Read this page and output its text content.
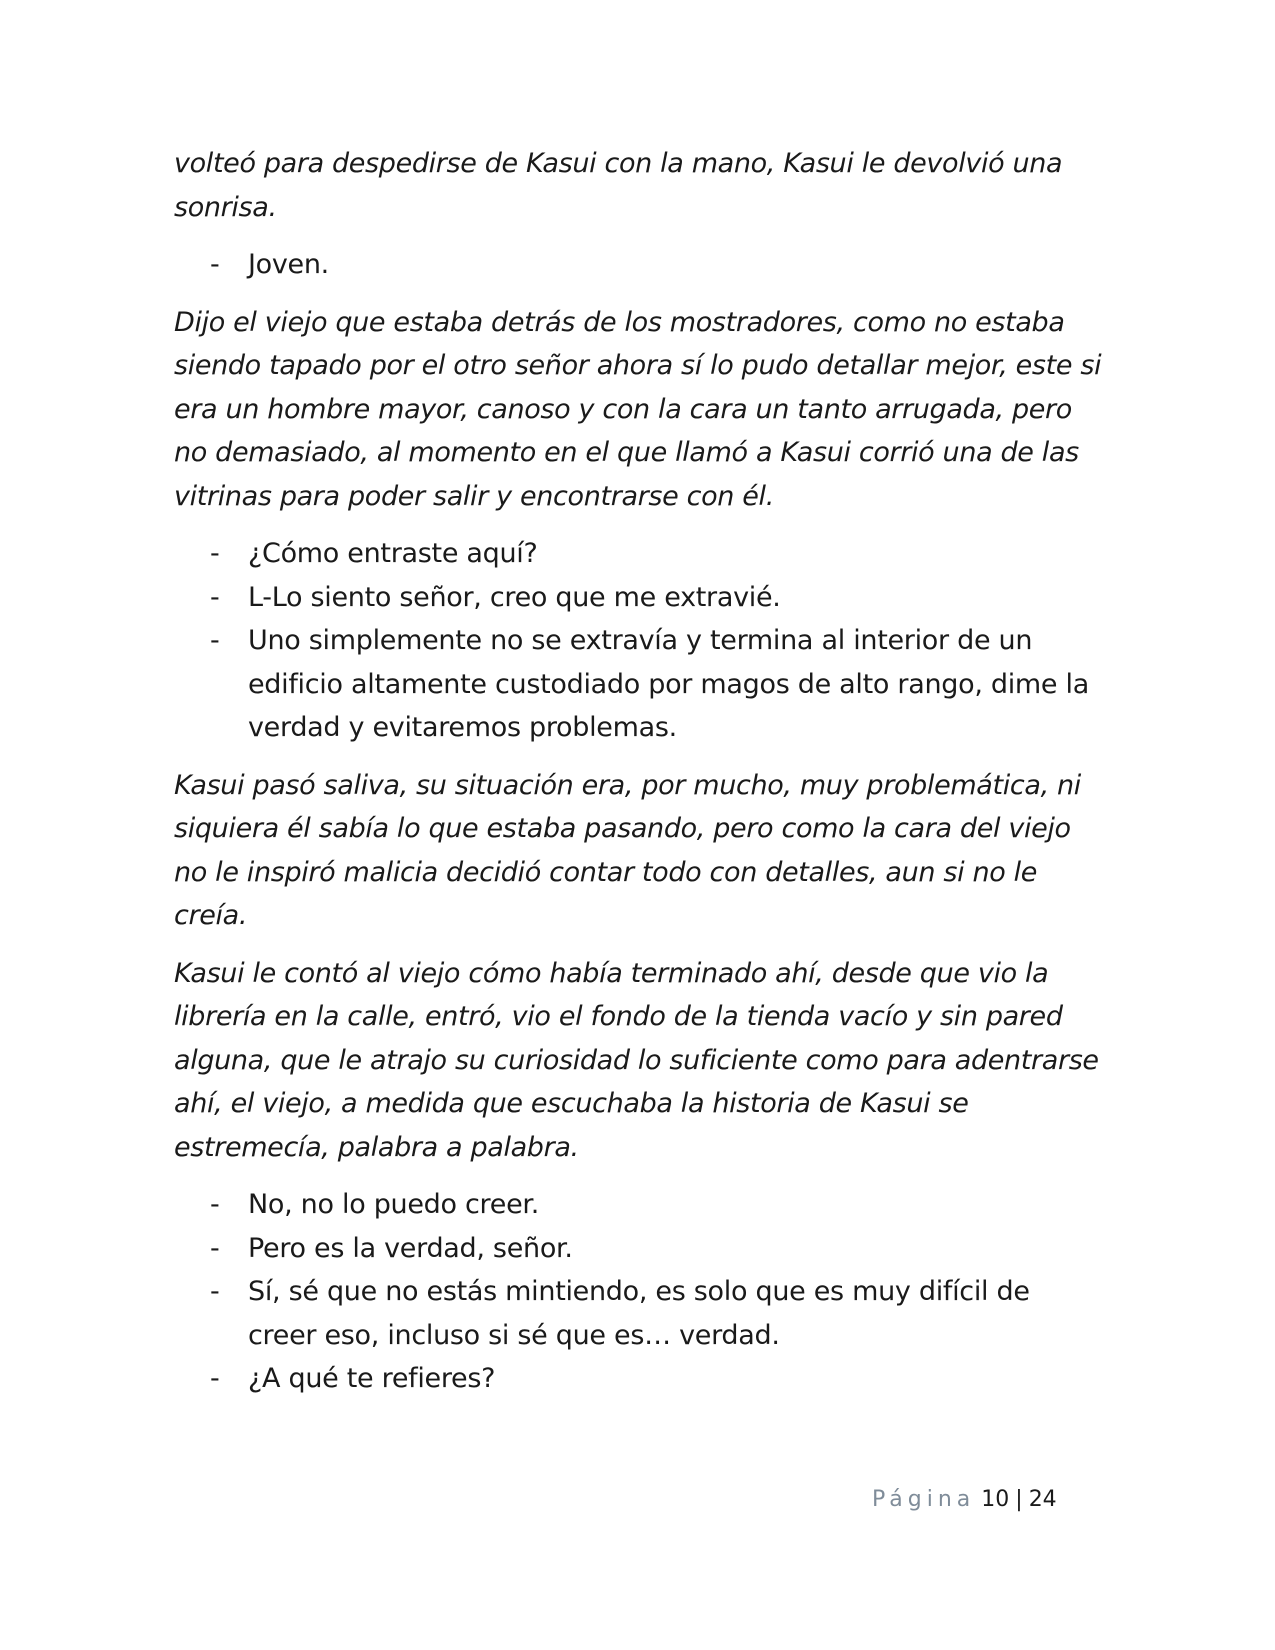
volteó para despedirse de Kasui con la mano, Kasui le devolvió una sonrisa.

- Joven.

Dijo el viejo que estaba detrás de los mostradores, como no estaba siendo tapado por el otro señor ahora sí lo pudo detallar mejor, este si era un hombre mayor, canoso y con la cara un tanto arrugada, pero no demasiado, al momento en el que llamó a Kasui corrió una de las vitrinas para poder salir y encontrarse con él.

- ¿Cómo entraste aquí?
- L-Lo siento señor, creo que me extravié.
- Uno simplemente no se extravía y termina al interior de un edificio altamente custodiado por magos de alto rango, dime la verdad y evitaremos problemas.

Kasui pasó saliva, su situación era, por mucho, muy problemática, ni siquiera él sabía lo que estaba pasando, pero como la cara del viejo no le inspiró malicia decidió contar todo con detalles, aun si no le creía.

Kasui le contó al viejo cómo había terminado ahí, desde que vio la librería en la calle, entró, vio el fondo de la tienda vacío y sin pared alguna, que le atrajo su curiosidad lo suficiente como para adentrarse ahí, el viejo, a medida que escuchaba la historia de Kasui se estremecía, palabra a palabra.

- No, no lo puedo creer.
- Pero es la verdad, señor.
- Sí, sé que no estás mintiendo, es solo que es muy difícil de creer eso, incluso si sé que es… verdad.
- ¿A qué te refieres?
Página 10 | 24
